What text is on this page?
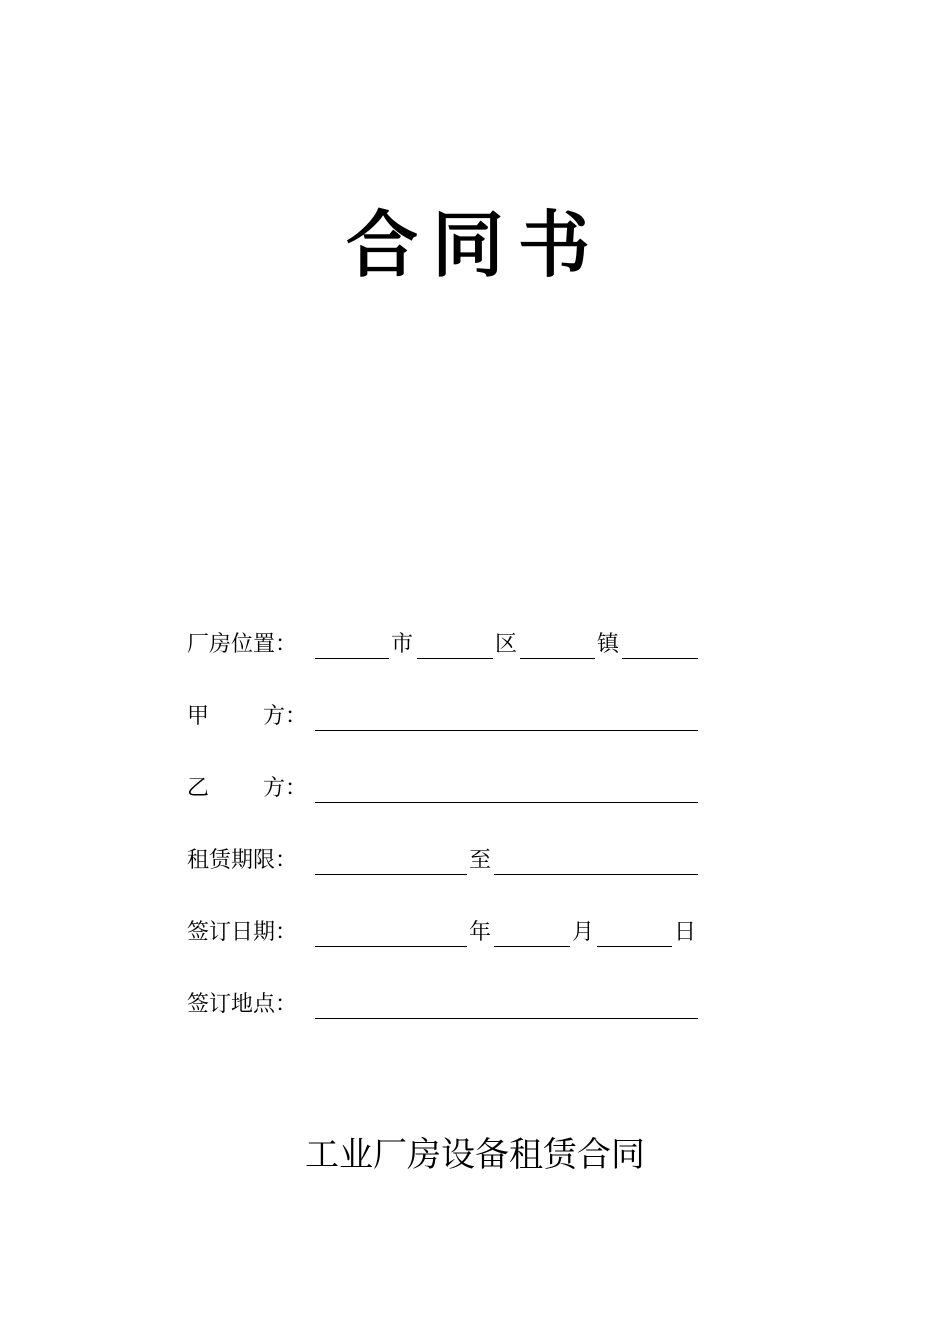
合同书
厂房位置：	市	区	镇
甲 方：
乙 方：
租赁期限：	至
签订日期：	年	月	日
签订地点：
工业厂房设备租赁合同
